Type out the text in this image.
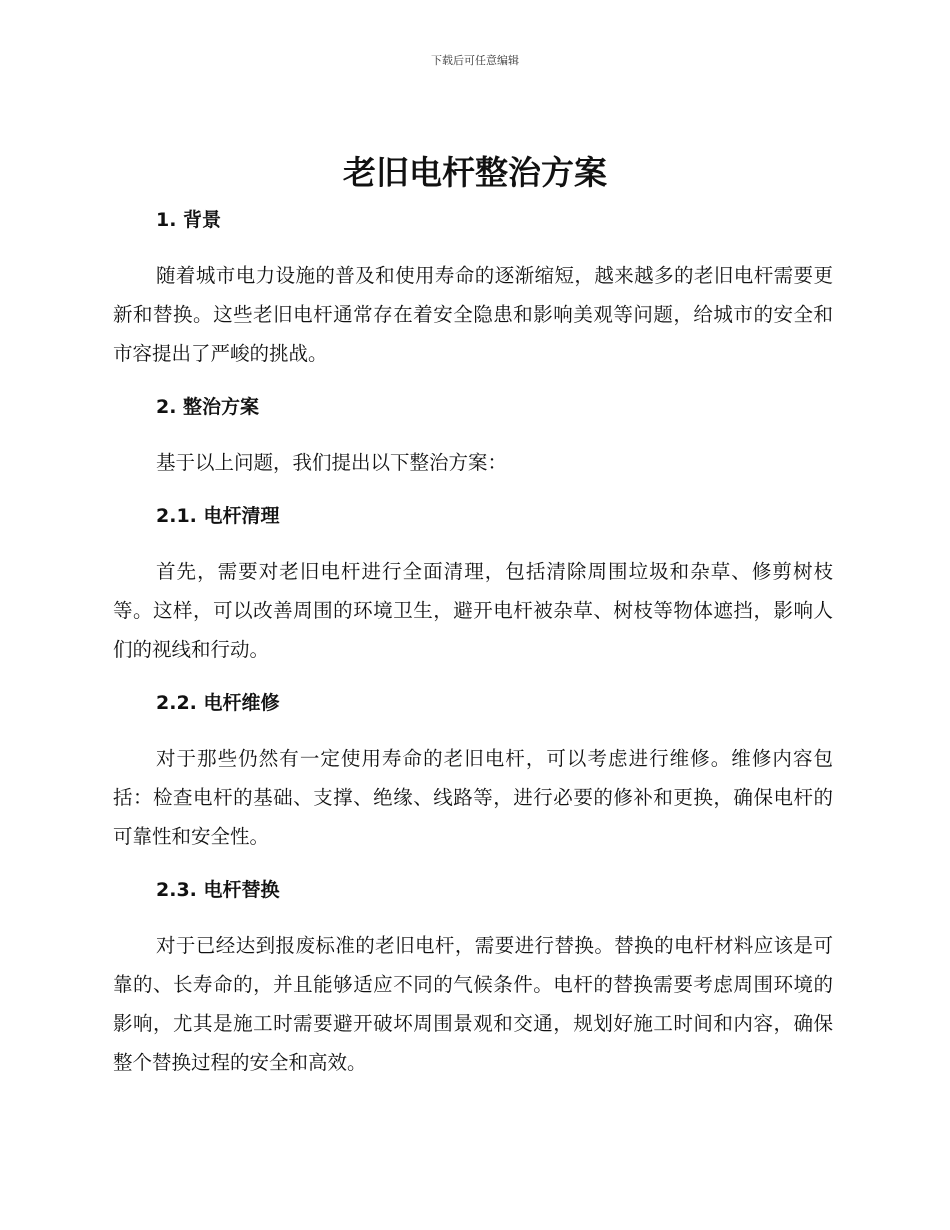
下载后可任意编辑
老旧电杆整治方案
1. 背景

随着城市电力设施的普及和使用寿命的逐渐缩短，越来越多的老旧电杆需要更新和替换。这些老旧电杆通常存在着安全隐患和影响美观等问题，给城市的安全和市容提出了严峻的挑战。

2. 整治方案

基于以上问题，我们提出以下整治方案：

2.1. 电杆清理

首先，需要对老旧电杆进行全面清理，包括清除周围垃圾和杂草、修剪树枝等。这样，可以改善周围的环境卫生，避开电杆被杂草、树枝等物体遮挡，影响人们的视线和行动。

2.2. 电杆维修

对于那些仍然有一定使用寿命的老旧电杆，可以考虑进行维修。维修内容包括：检查电杆的基础、支撑、绝缘、线路等，进行必要的修补和更换，确保电杆的可靠性和安全性。

2.3. 电杆替换

对于已经达到报废标准的老旧电杆，需要进行替换。替换的电杆材料应该是可靠的、长寿命的，并且能够适应不同的气候条件。电杆的替换需要考虑周围环境的影响，尤其是施工时需要避开破坏周围景观和交通，规划好施工时间和内容，确保整个替换过程的安全和高效。
